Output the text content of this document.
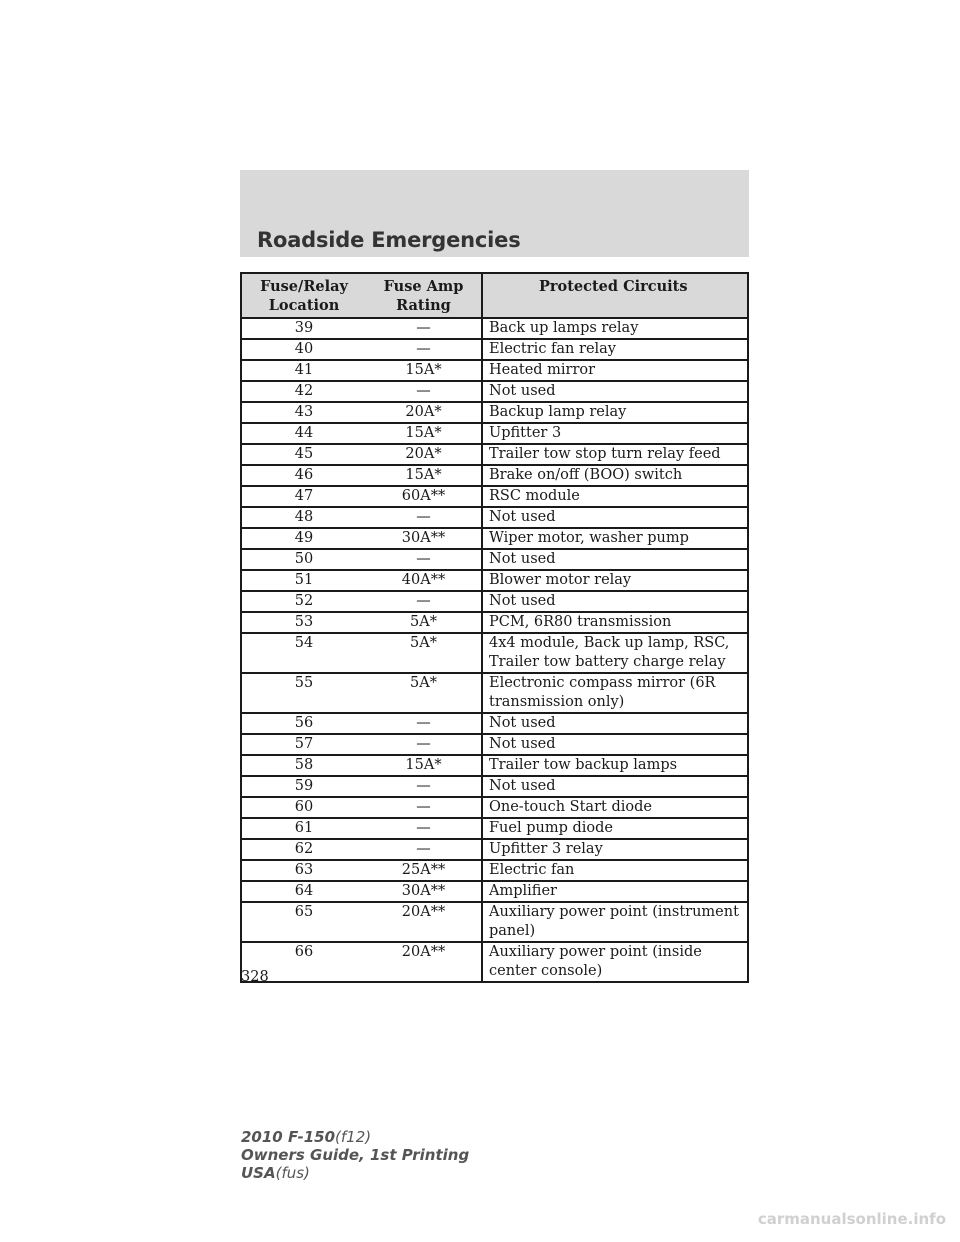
Roadside Emergencies
Fuse/Relay Location	Fuse Amp Rating	Protected Circuits
39	—	Back up lamps relay
40	—	Electric fan relay
41	15A*	Heated mirror
42	—	Not used
43	20A*	Backup lamp relay
44	15A*	Upfitter 3
45	20A*	Trailer tow stop turn relay feed
46	15A*	Brake on/off (BOO) switch
47	60A**	RSC module
48	—	Not used
49	30A**	Wiper motor, washer pump
50	—	Not used
51	40A**	Blower motor relay
52	—	Not used
53	5A*	PCM, 6R80 transmission
54	5A*	4x4 module, Back up lamp, RSC, Trailer tow battery charge relay
55	5A*	Electronic compass mirror (6R transmission only)
56	—	Not used
57	—	Not used
58	15A*	Trailer tow backup lamps
59	—	Not used
60	—	One-touch Start diode
61	—	Fuel pump diode
62	—	Upfitter 3 relay
63	25A**	Electric fan
64	30A**	Amplifier
65	20A**	Auxiliary power point (instrument panel)
66	20A**	Auxiliary power point (inside center console)
328
2010 F-150(f12)
Owners Guide, 1st Printing
USA(fus)
carmanualsonline.info
